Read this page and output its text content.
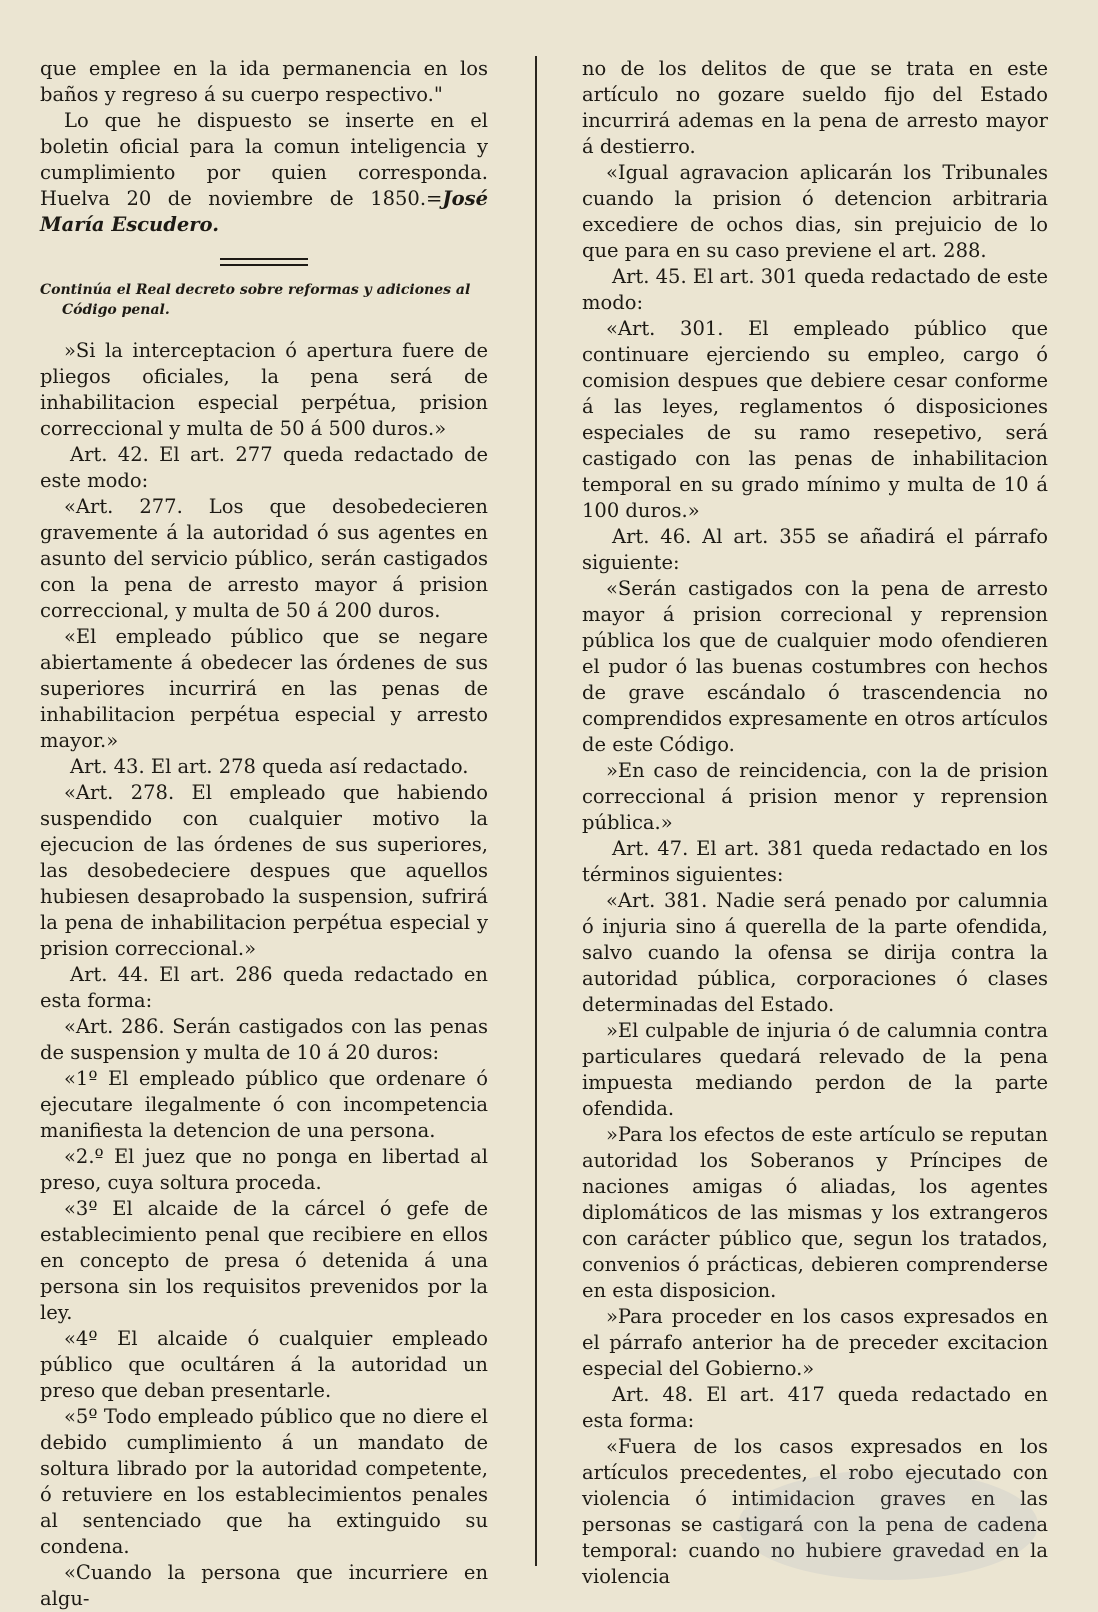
que emplee en la ida permanencia en los baños y regreso á su cuerpo respectivo."

Lo que he dispuesto se inserte en el boletin oficial para la comun inteligencia y cumplimiento por quien corresponda. Huelva 20 de noviembre de 1850.=José María Escudero.

Continúa el Real decreto sobre reformas y adiciones al
Código penal.

»Si la interceptacion ó apertura fuere de pliegos oficiales, la pena será de inhabilitacion especial perpétua, prision correccional y multa de 50 á 500 duros.»

Art. 42. El art. 277 queda redactado de este modo:

«Art. 277. Los que desobedecieren gravemente á la autoridad ó sus agentes en asunto del servicio público, serán castigados con la pena de arresto mayor á prision correccional, y multa de 50 á 200 duros.

«El empleado público que se negare abiertamente á obedecer las órdenes de sus superiores incurrirá en las penas de inhabilitacion perpétua especial y arresto mayor.»

Art. 43. El art. 278 queda así redactado.

«Art. 278. El empleado que habiendo suspendido con cualquier motivo la ejecucion de las órdenes de sus superiores, las desobedeciere despues que aquellos hubiesen desaprobado la suspension, sufrirá la pena de inhabilitacion perpétua especial y prision correccional.»

Art. 44. El art. 286 queda redactado en esta forma:

«Art. 286. Serán castigados con las penas de suspension y multa de 10 á 20 duros:

«1º El empleado público que ordenare ó ejecutare ilegalmente ó con incompetencia manifiesta la detencion de una persona.

«2.º El juez que no ponga en libertad al preso, cuya soltura proceda.

«3º El alcaide de la cárcel ó gefe de establecimiento penal que recibiere en ellos en concepto de presa ó detenida á una persona sin los requisitos prevenidos por la ley.

«4º El alcaide ó cualquier empleado público que ocultáren á la autoridad un preso que deban presentarle.

«5º Todo empleado público que no diere el debido cumplimiento á un mandato de soltura librado por la autoridad competente, ó retuviere en los establecimientos penales al sentenciado que ha extinguido su condena.

«Cuando la persona que incurriere en algu-

no de los delitos de que se trata en este artículo no gozare sueldo fijo del Estado incurrirá ademas en la pena de arresto mayor á destierro.

«Igual agravacion aplicarán los Tribunales cuando la prision ó detencion arbitraria excediere de ochos dias, sin prejuicio de lo que para en su caso previene el art. 288.

Art. 45. El art. 301 queda redactado de este modo:

«Art. 301. El empleado público que continuare ejerciendo su empleo, cargo ó comision despues que debiere cesar conforme á las leyes, reglamentos ó disposiciones especiales de su ramo resepetivo, será castigado con las penas de inhabilitacion temporal en su grado mínimo y multa de 10 á 100 duros.»

Art. 46. Al art. 355 se añadirá el párrafo siguiente:

«Serán castigados con la pena de arresto mayor á prision correcional y reprension pública los que de cualquier modo ofendieren el pudor ó las buenas costumbres con hechos de grave escándalo ó trascendencia no comprendidos expresamente en otros artículos de este Código.

»En caso de reincidencia, con la de prision correccional á prision menor y reprension pública.»

Art. 47. El art. 381 queda redactado en los términos siguientes:

«Art. 381. Nadie será penado por calumnia ó injuria sino á querella de la parte ofendida, salvo cuando la ofensa se dirija contra la autoridad pública, corporaciones ó clases determinadas del Estado.

»El culpable de injuria ó de calumnia contra particulares quedará relevado de la pena impuesta mediando perdon de la parte ofendida.

»Para los efectos de este artículo se reputan autoridad los Soberanos y Príncipes de naciones amigas ó aliadas, los agentes diplomáticos de las mismas y los extrangeros con carácter público que, segun los tratados, convenios ó prácticas, debieren comprenderse en esta disposicion.

»Para proceder en los casos expresados en el párrafo anterior ha de preceder excitacion especial del Gobierno.»

Art. 48. El art. 417 queda redactado en esta forma:

«Fuera de los casos expresados en los artículos precedentes, el robo ejecutado con violencia ó intimidacion graves en las personas se castigará con la pena de cadena temporal: cuando no hubiere gravedad en la violencia
